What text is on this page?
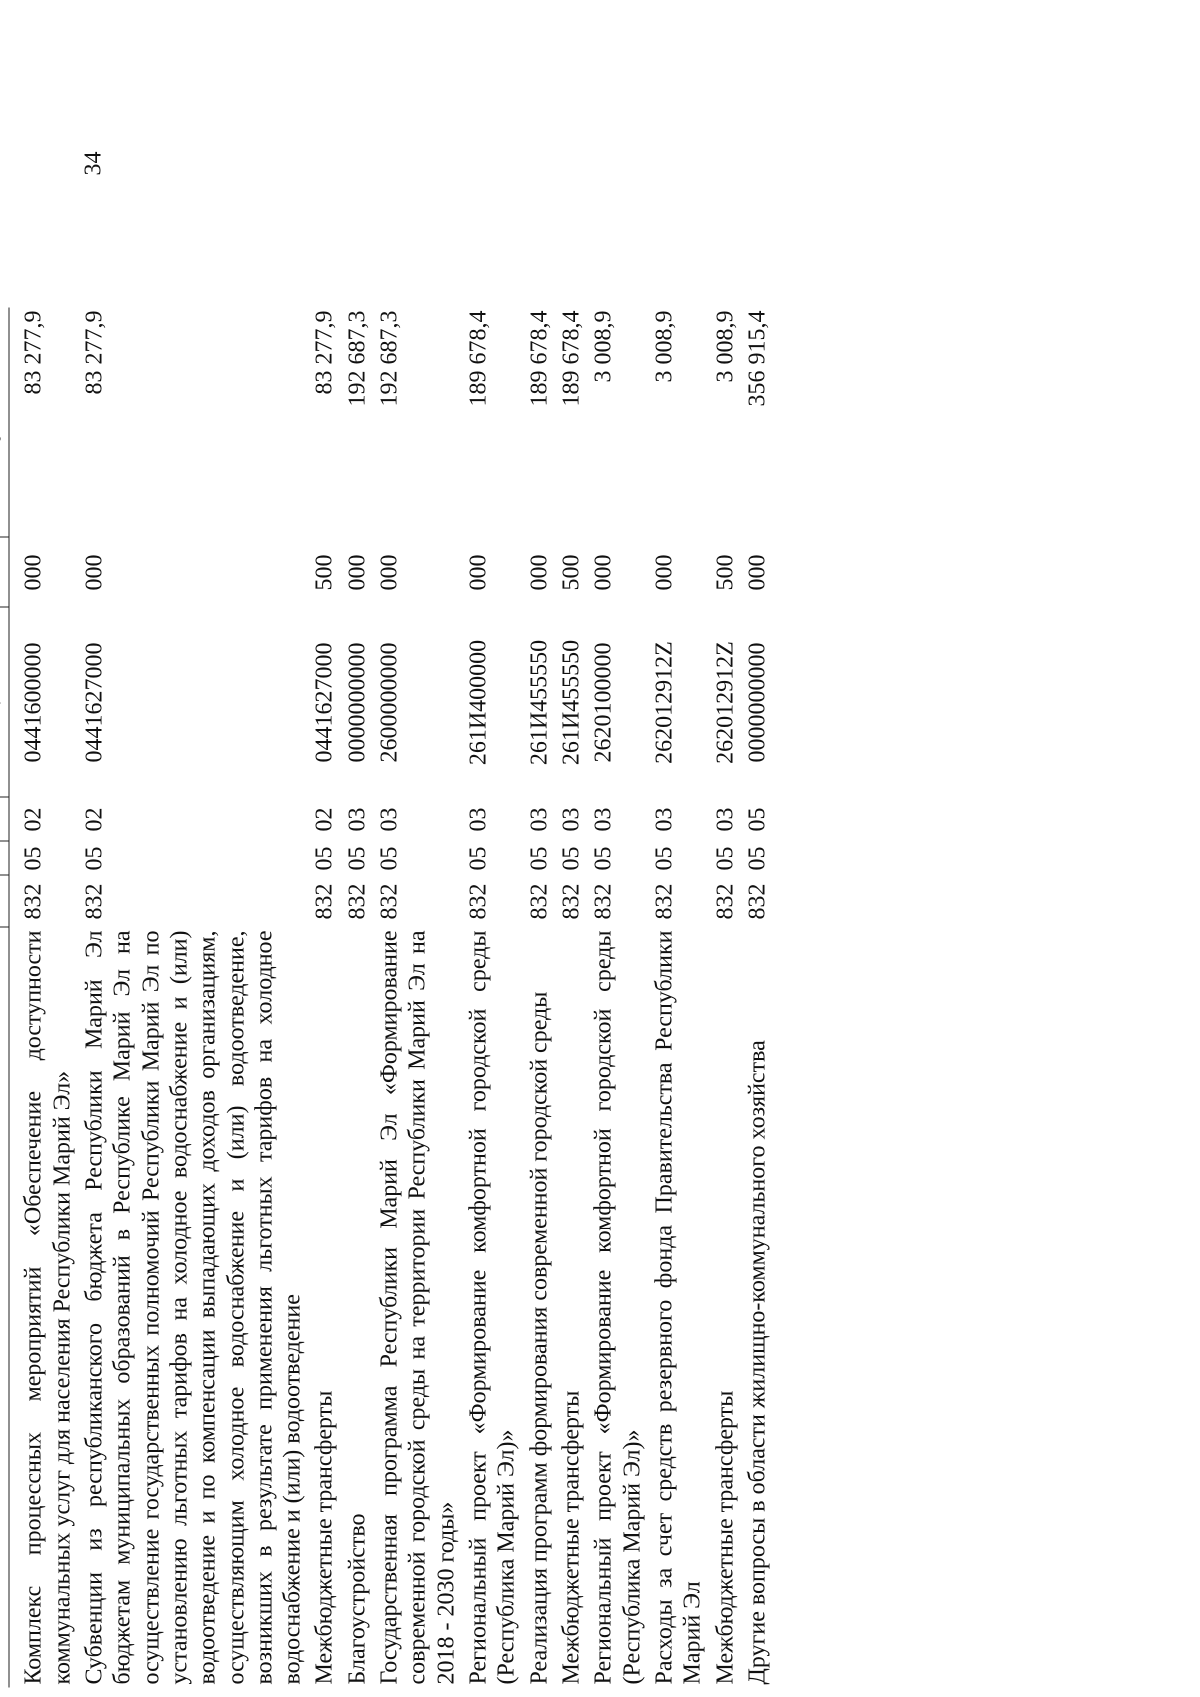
34

Комплекс процессных мероприятий «Обеспечение доступности коммунальных услуг для населения Республики Марий Эл»	832	05	02	0441600000	000	83 277,9
Субвенции из республиканского бюджета Республики Марий Эл бюджетам муниципальных образований в Республике Марий Эл на осуществление государственных полномочий Республики Марий Эл по установлению льготных тарифов на холодное водоснабжение и (или) водоотведение и по компенсации выпадающих доходов организациям, осуществляющим холодное водоснабжение и (или) водоотведение, возникших в результате применения льготных тарифов на холодное водоснабжение и (или) водоотведение	832	05	02	0441627000	000	83 277,9
Межбюджетные трансферты	832	05	02	0441627000	500	83 277,9
Благоустройство	832	05	03	0000000000	000	192 687,3
Государственная программа Республики Марий Эл «Формирование современной городской среды на территории Республики Марий Эл на 2018 - 2030 годы»	832	05	03	2600000000	000	192 687,3
Региональный проект «Формирование комфортной городской среды (Республика Марий Эл)»	832	05	03	261И400000	000	189 678,4
Реализация программ формирования современной городской среды	832	05	03	261И455550	000	189 678,4
Межбюджетные трансферты	832	05	03	261И455550	500	189 678,4
Региональный проект «Формирование комфортной городской среды (Республика Марий Эл)»	832	05	03	2620100000	000	3 008,9
Расходы за счет средств резервного фонда Правительства Республики Марий Эл	832	05	03	262012912Z	000	3 008,9
Межбюджетные трансферты	832	05	03	262012912Z	500	3 008,9
Другие вопросы в области жилищно-коммунального хозяйства	832	05	05	0000000000	000	356 915,4
